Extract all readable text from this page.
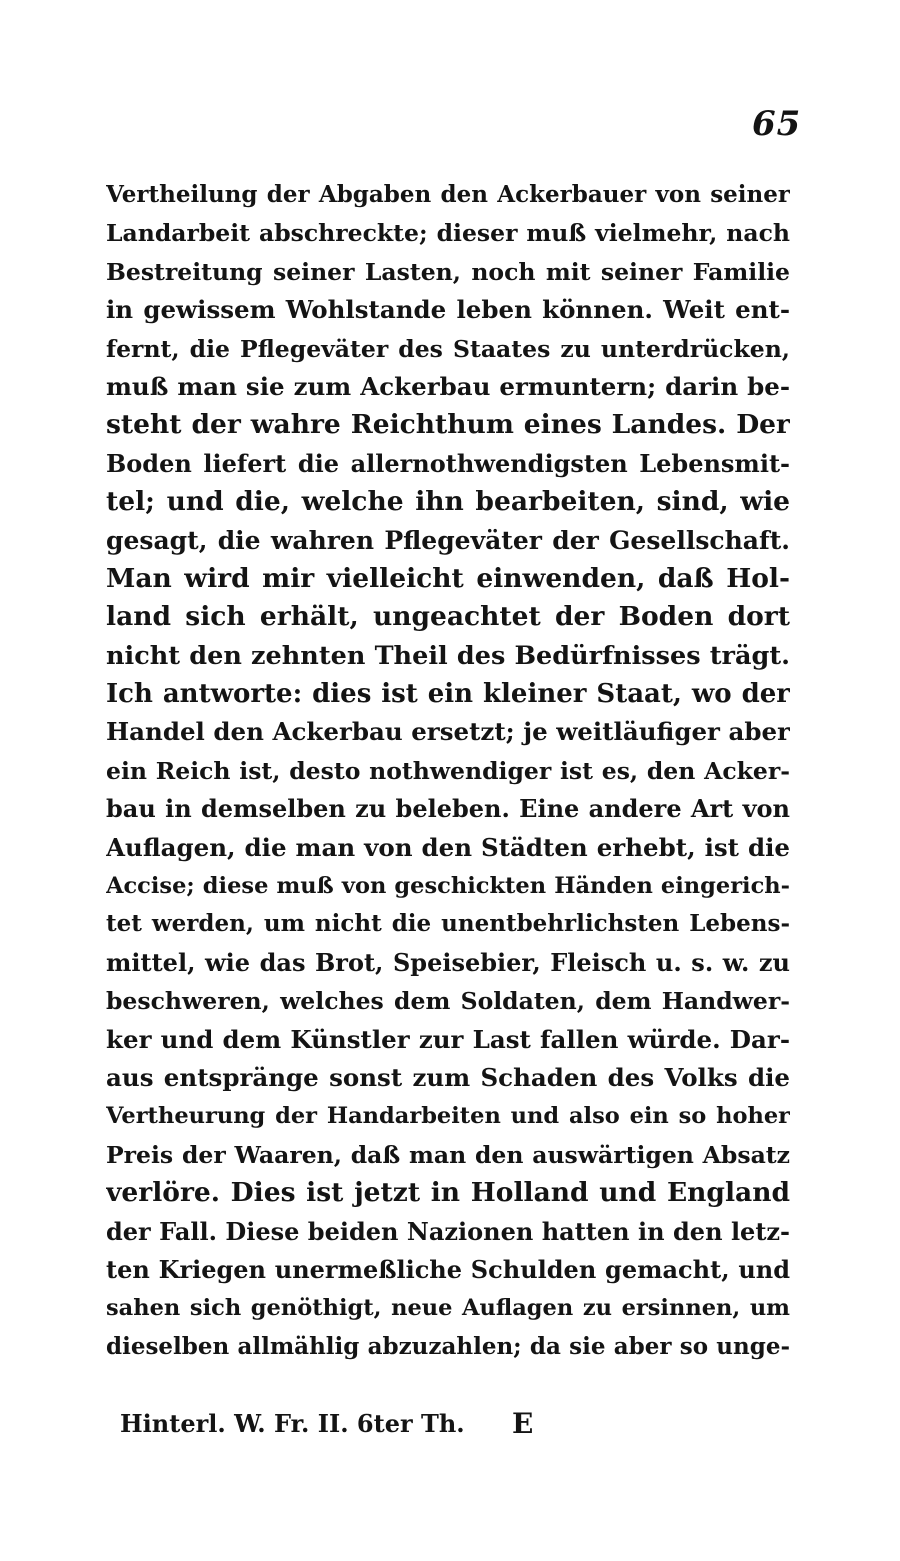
65
Vertheilung der Abgaben den Ackerbauer von seiner
Landarbeit abschreckte; dieser muß vielmehr, nach
Bestreitung seiner Lasten, noch mit seiner Familie
in gewissem Wohlstande leben können. Weit ent-
fernt, die Pflegeväter des Staates zu unterdrücken,
muß man sie zum Ackerbau ermuntern; darin be-
steht der wahre Reichthum eines Landes. Der
Boden liefert die allernothwendigsten Lebensmit-
tel; und die, welche ihn bearbeiten, sind, wie
gesagt, die wahren Pflegeväter der Gesellschaft.
Man wird mir vielleicht einwenden, daß Hol-
land sich erhält, ungeachtet der Boden dort
nicht den zehnten Theil des Bedürfnisses trägt.
Ich antworte: dies ist ein kleiner Staat, wo der
Handel den Ackerbau ersetzt; je weitläufiger aber
ein Reich ist, desto nothwendiger ist es, den Acker-
bau in demselben zu beleben. Eine andere Art von
Auflagen, die man von den Städten erhebt, ist die
Accise; diese muß von geschickten Händen eingerich-
tet werden, um nicht die unentbehrlichsten Lebens-
mittel, wie das Brot, Speisebier, Fleisch u. s. w. zu
beschweren, welches dem Soldaten, dem Handwer-
ker und dem Künstler zur Last fallen würde. Dar-
aus entspränge sonst zum Schaden des Volks die
Vertheurung der Handarbeiten und also ein so hoher
Preis der Waaren, daß man den auswärtigen Absatz
verlöre. Dies ist jetzt in Holland und England
der Fall. Diese beiden Nazionen hatten in den letz-
ten Kriegen unermeßliche Schulden gemacht, und
sahen sich genöthigt, neue Auflagen zu ersinnen, um
dieselben allmählig abzuzahlen; da sie aber so unge-
Hinterl. W. Fr. II. 6ter Th. E
